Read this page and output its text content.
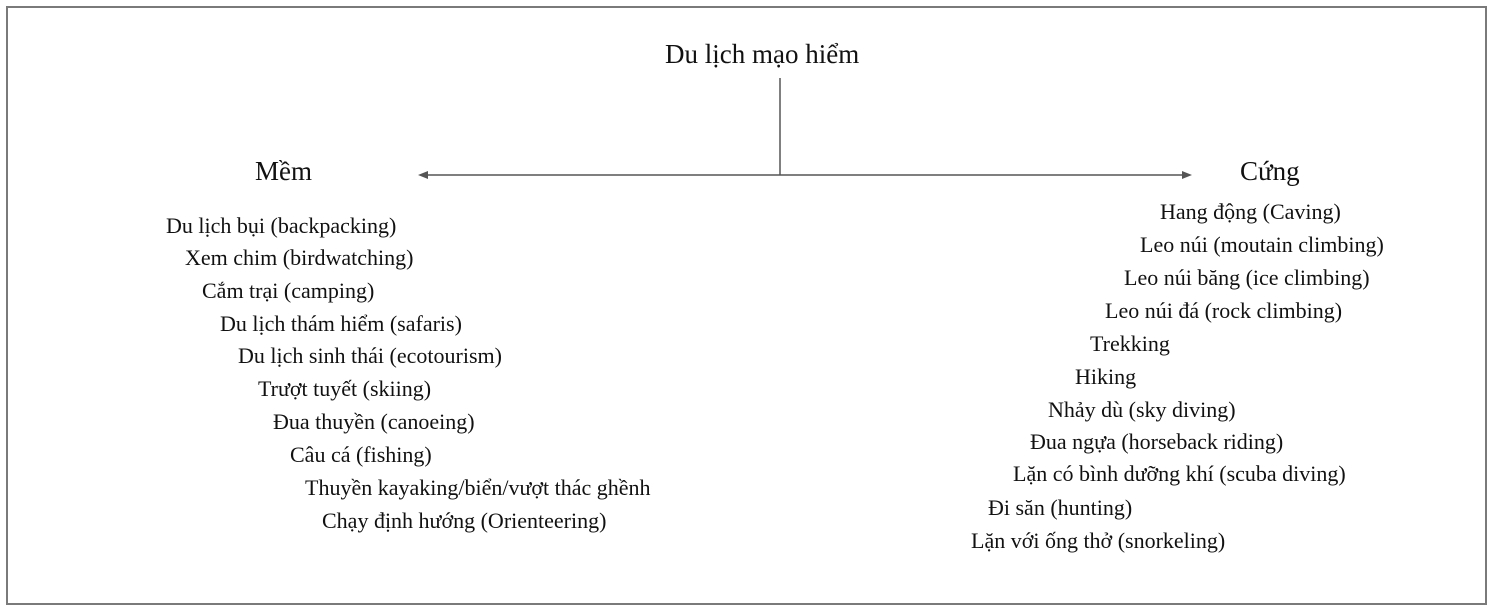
Du lịch mạo hiểm
Mềm	Cứng
Du lịch bụi (backpacking)
Xem chim (birdwatching)
Cắm trại (camping)
Du lịch thám hiểm (safaris)
Du lịch sinh thái (ecotourism)
Trượt tuyết (skiing)
Đua thuyền (canoeing)
Câu cá (fishing)
Thuyền kayaking/biển/vượt thác ghềnh
Chạy định hướng (Orienteering)
Hang động (Caving)
Leo núi (moutain climbing)
Leo núi băng (ice climbing)
Leo núi đá (rock climbing)
Trekking
Hiking
Nhảy dù (sky diving)
Đua ngựa (horseback riding)
Lặn có bình dưỡng khí (scuba diving)
Đi săn (hunting)
Lặn với ống thở (snorkeling)
